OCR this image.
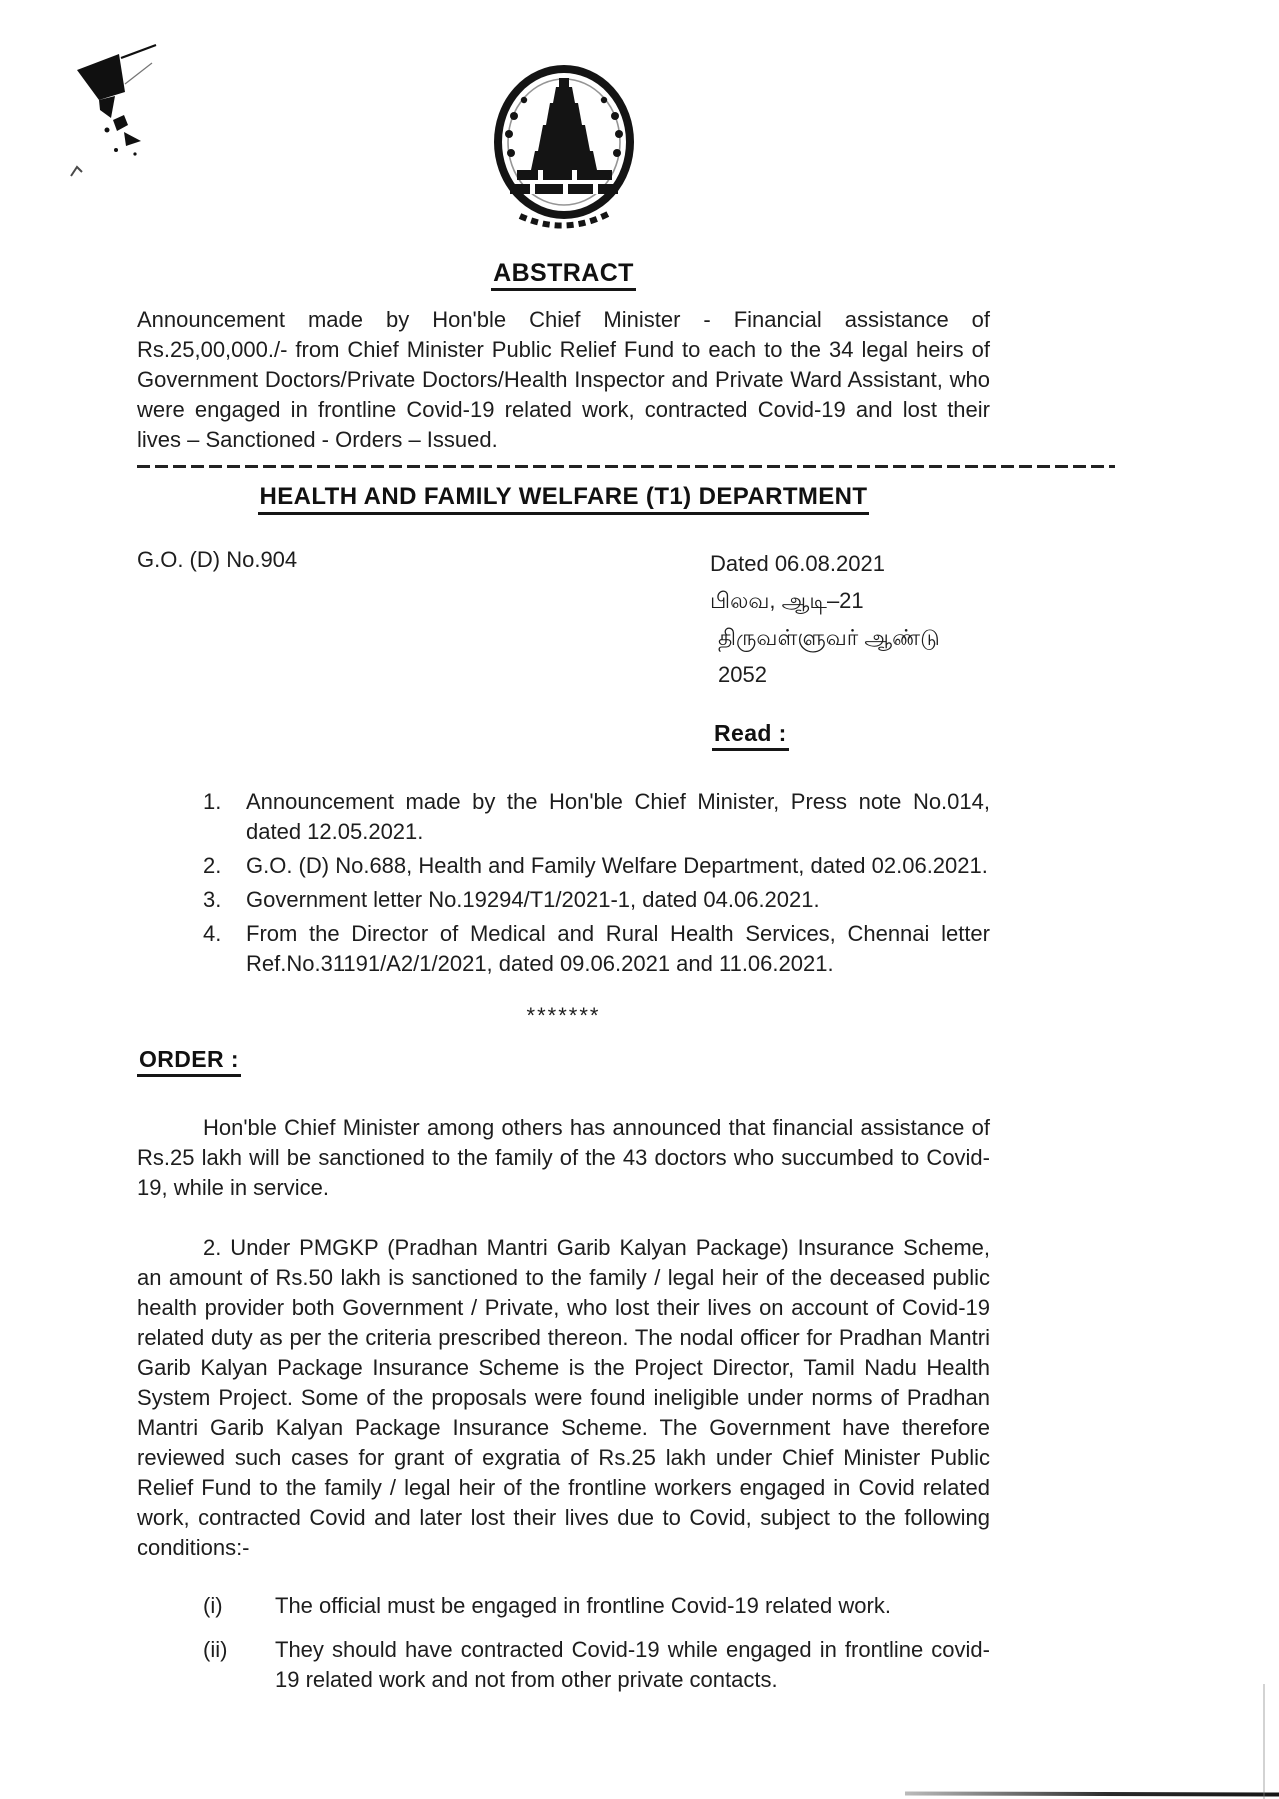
ABSTRACT

Announcement made by Hon'ble Chief Minister - Financial assistance of Rs.25,00,000./- from Chief Minister Public Relief Fund to each to the 34 legal heirs of Government Doctors/Private Doctors/Health Inspector and Private Ward Assistant, who were engaged in frontline Covid-19 related work, contracted Covid-19 and lost their lives – Sanctioned - Orders – Issued.

HEALTH AND FAMILY WELFARE (T1) DEPARTMENT
G.O. (D) No.904	Dated 06.08.2021
பிலவ, ஆடி–21
திருவள்ளுவர் ஆண்டு 2052
Read :
1.	Announcement made by the Hon'ble Chief Minister, Press note No.014, dated 12.05.2021.
2.	G.O. (D) No.688, Health and Family Welfare Department, dated 02.06.2021.
3.	Government letter No.19294/T1/2021-1, dated 04.06.2021.
4.	From the Director of Medical and Rural Health Services, Chennai letter Ref.No.31191/A2/1/2021, dated 09.06.2021 and 11.06.2021.
*******
ORDER :

Hon'ble Chief Minister among others has announced that financial assistance of Rs.25 lakh will be sanctioned to the family of the 43 doctors who succumbed to Covid-19, while in service.

2. Under PMGKP (Pradhan Mantri Garib Kalyan Package) Insurance Scheme, an amount of Rs.50 lakh is sanctioned to the family / legal heir of the deceased public health provider both Government / Private, who lost their lives on account of Covid-19 related duty as per the criteria prescribed thereon. The nodal officer for Pradhan Mantri Garib Kalyan Package Insurance Scheme is the Project Director, Tamil Nadu Health System Project. Some of the proposals were found ineligible under norms of Pradhan Mantri Garib Kalyan Package Insurance Scheme. The Government have therefore reviewed such cases for grant of exgratia of Rs.25 lakh under Chief Minister Public Relief Fund to the family / legal heir of the frontline workers engaged in Covid related work, contracted Covid and later lost their lives due to Covid, subject to the following conditions:-

(i)	The official must be engaged in frontline Covid-19 related work.
(ii)	They should have contracted Covid-19 while engaged in frontline covid-19 related work and not from other private contacts.
